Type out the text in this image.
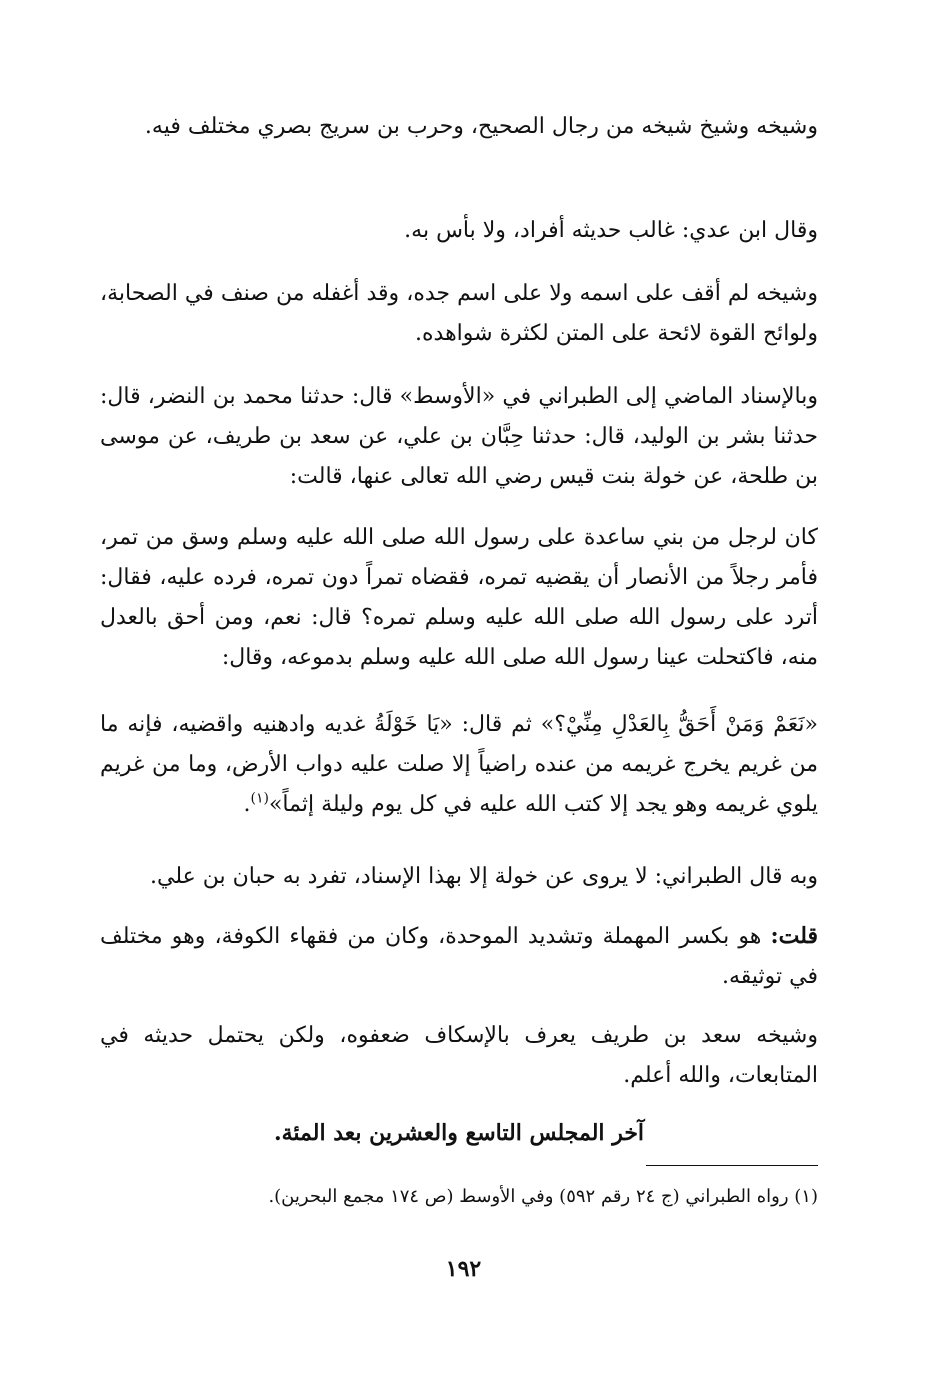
وشيخه وشيخ شيخه من رجال الصحيح، وحرب بن سريج بصري مختلف فيه.

وقال ابن عدي: غالب حديثه أفراد، ولا بأس به.

وشيخه لم أقف على اسمه ولا على اسم جده، وقد أغفله من صنف في الصحابة، ولوائح القوة لائحة على المتن لكثرة شواهده.

وبالإسناد الماضي إلى الطبراني في «الأوسط» قال: حدثنا محمد بن النضر، قال: حدثنا بشر بن الوليد، قال: حدثنا حِبَّان بن علي، عن سعد بن طريف، عن موسى بن طلحة، عن خولة بنت قيس رضي الله تعالى عنها، قالت:

كان لرجل من بني ساعدة على رسول الله صلى الله عليه وسلم وسق من تمر، فأمر رجلاً من الأنصار أن يقضيه تمره، فقضاه تمراً دون تمره، فرده عليه، فقال: أترد على رسول الله صلى الله عليه وسلم تمره؟ قال: نعم، ومن أحق بالعدل منه، فاكتحلت عينا رسول الله صلى الله عليه وسلم بدموعه، وقال:

«نَعَمْ وَمَنْ أَحَقُّ بِالعَدْلِ مِنِّيْ؟» ثم قال: «يَا خَوْلَةُ غديه وادهنيه واقضيه، فإنه ما من غريم يخرج غريمه من عنده راضياً إلا صلت عليه دواب الأرض، وما من غريم يلوي غريمه وهو يجد إلا كتب الله عليه في كل يوم وليلة إثماً»$^{(١)}$.

وبه قال الطبراني: لا يروى عن خولة إلا بهذا الإسناد، تفرد به حبان بن علي.

قلت: هو بكسر المهملة وتشديد الموحدة، وكان من فقهاء الكوفة، وهو مختلف في توثيقه.

وشيخه سعد بن طريف يعرف بالإسكاف ضعفوه، ولكن يحتمل حديثه في المتابعات، والله أعلم.

آخر المجلس التاسع والعشرين بعد المئة.

(١) رواه الطبراني (ج ٢٤ رقم ٥٩٢) وفي الأوسط (ص ١٧٤ مجمع البحرين).

١٩٢
